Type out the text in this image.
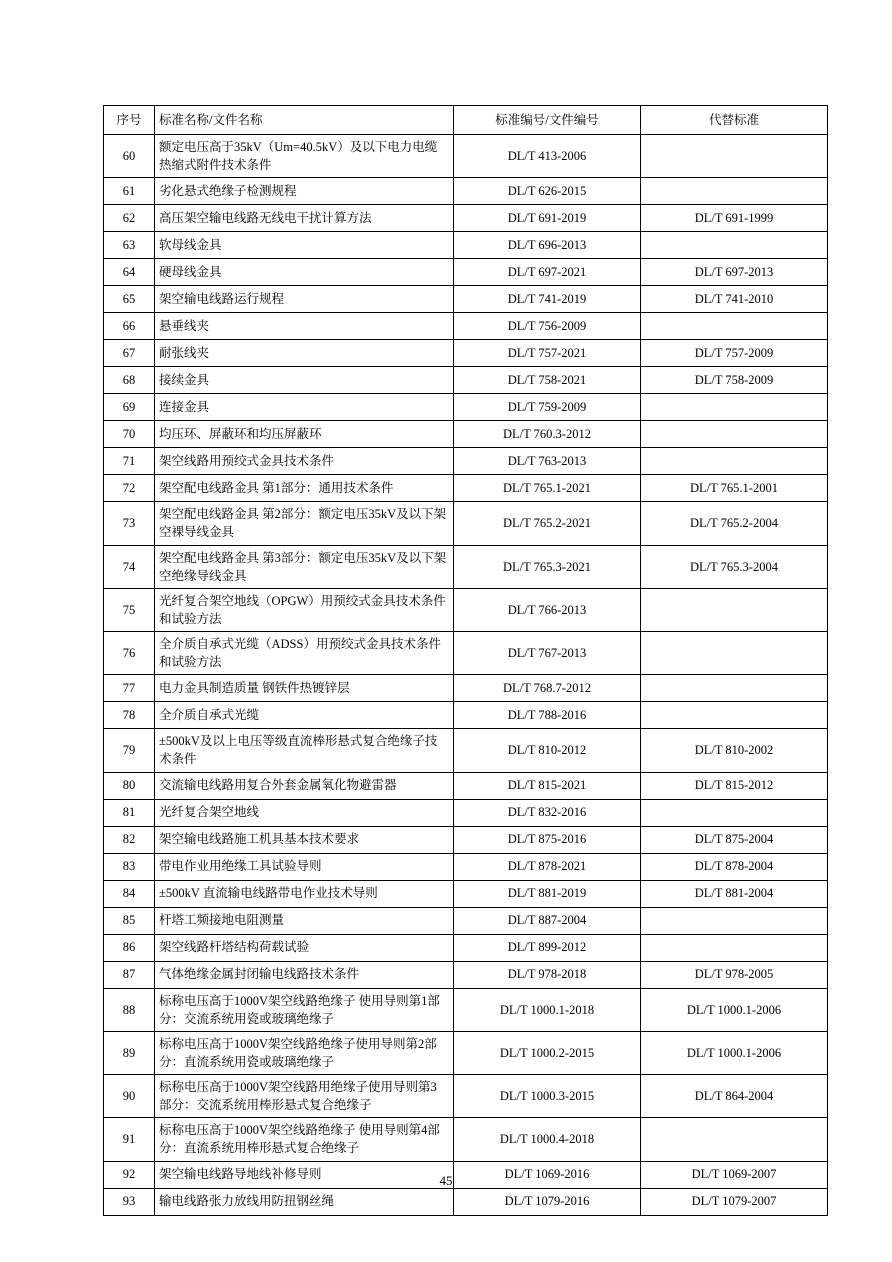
序号	标准名称/文件名称	标准编号/文件编号	代替标准
60	额定电压高于35kV（Um=40.5kV）及以下电力电缆热缩式附件技术条件	DL/T 413-2006	
61	劣化悬式绝缘子检测规程	DL/T 626-2015	
62	高压架空输电线路无线电干扰计算方法	DL/T 691-2019	DL/T 691-1999
63	软母线金具	DL/T 696-2013	
64	硬母线金具	DL/T 697-2021	DL/T 697-2013
65	架空输电线路运行规程	DL/T 741-2019	DL/T 741-2010
66	悬垂线夹	DL/T 756-2009	
67	耐张线夹	DL/T 757-2021	DL/T 757-2009
68	接续金具	DL/T 758-2021	DL/T 758-2009
69	连接金具	DL/T 759-2009	
70	均压环、屏蔽环和均压屏蔽环	DL/T 760.3-2012	
71	架空线路用预绞式金具技术条件	DL/T 763-2013	
72	架空配电线路金具 第1部分：通用技术条件	DL/T 765.1-2021	DL/T 765.1-2001
73	架空配电线路金具 第2部分：额定电压35kV及以下架空裸导线金具	DL/T 765.2-2021	DL/T 765.2-2004
74	架空配电线路金具 第3部分：额定电压35kV及以下架空绝缘导线金具	DL/T 765.3-2021	DL/T 765.3-2004
75	光纤复合架空地线（OPGW）用预绞式金具技术条件和试验方法	DL/T 766-2013	
76	全介质自承式光缆（ADSS）用预绞式金具技术条件和试验方法	DL/T 767-2013	
77	电力金具制造质量 钢铁件热镀锌层	DL/T 768.7-2012	
78	全介质自承式光缆	DL/T 788-2016	
79	±500kV及以上电压等级直流棒形悬式复合绝缘子技术条件	DL/T 810-2012	DL/T 810-2002
80	交流输电线路用复合外套金属氧化物避雷器	DL/T 815-2021	DL/T 815-2012
81	光纤复合架空地线	DL/T 832-2016	
82	架空输电线路施工机具基本技术要求	DL/T 875-2016	DL/T 875-2004
83	带电作业用绝缘工具试验导则	DL/T 878-2021	DL/T 878-2004
84	±500kV 直流输电线路带电作业技术导则	DL/T 881-2019	DL/T 881-2004
85	杆塔工频接地电阻测量	DL/T 887-2004	
86	架空线路杆塔结构荷载试验	DL/T 899-2012	
87	气体绝缘金属封闭输电线路技术条件	DL/T 978-2018	DL/T 978-2005
88	标称电压高于1000V架空线路绝缘子 使用导则第1部分：交流系统用瓷或玻璃绝缘子	DL/T 1000.1-2018	DL/T 1000.1-2006
89	标称电压高于1000V架空线路绝缘子使用导则第2部分：直流系统用瓷或玻璃绝缘子	DL/T 1000.2-2015	DL/T 1000.1-2006
90	标称电压高于1000V架空线路用绝缘子使用导则第3部分：交流系统用棒形悬式复合绝缘子	DL/T 1000.3-2015	DL/T 864-2004
91	标称电压高于1000V架空线路绝缘子 使用导则第4部分：直流系统用棒形悬式复合绝缘子	DL/T 1000.4-2018	
92	架空输电线路导地线补修导则	DL/T 1069-2016	DL/T 1069-2007
93	输电线路张力放线用防扭钢丝绳	DL/T 1079-2016	DL/T 1079-2007
45
